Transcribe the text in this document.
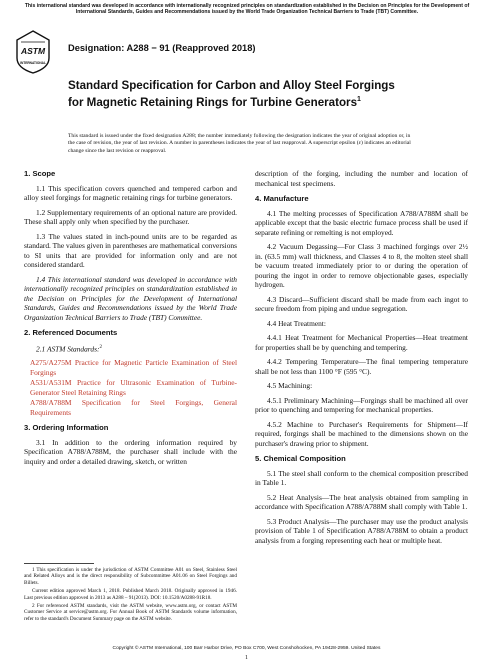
This international standard was developed in accordance with internationally recognized principles on standardization established in the Decision on Principles for the Development of International Standards, Guides and Recommendations issued by the World Trade Organization Technical Barriers to Trade (TBT) Committee.
ASTM
INTERNATIONAL
Designation: A288 − 91 (Reapproved 2018)
Standard Specification for Carbon and Alloy Steel Forgings for Magnetic Retaining Rings for Turbine Generators$^1$
This standard is issued under the fixed designation A288; the number immediately following the designation indicates the year of original adoption or, in the case of revision, the year of last revision. A number in parentheses indicates the year of last reapproval. A superscript epsilon (ε) indicates an editorial change since the last revision or reapproval.
1. Scope

1.1 This specification covers quenched and tempered carbon and alloy steel forgings for magnetic retaining rings for turbine generators.

1.2 Supplementary requirements of an optional nature are provided. These shall apply only when specified by the purchaser.

1.3 The values stated in inch-pound units are to be regarded as standard. The values given in parentheses are mathematical conversions to SI units that are provided for information only and are not considered standard.

1.4 This international standard was developed in accordance with internationally recognized principles on standardization established in the Decision on Principles for the Development of International Standards, Guides and Recommendations issued by the World Trade Organization Technical Barriers to Trade (TBT) Committee.

2. Referenced Documents

2.1 ASTM Standards:$^2$

A275/A275M Practice for Magnetic Particle Examination of Steel Forgings

A531/A531M Practice for Ultrasonic Examination of Turbine-Generator Steel Retaining Rings

A788/A788M Specification for Steel Forgings, General Requirements

3. Ordering Information

3.1 In addition to the ordering information required by Specification A788/A788M, the purchaser shall include with the inquiry and order a detailed drawing, sketch, or written

description of the forging, including the number and location of mechanical test specimens.

4. Manufacture

4.1 The melting processes of Specification A788/A788M shall be applicable except that the basic electric furnace process shall be used if separate refining or remelting is not employed.

4.2 Vacuum Degassing—For Class 3 machined forgings over 2½ in. (63.5 mm) wall thickness, and Classes 4 to 8, the molten steel shall be vacuum treated immediately prior to or during the operation of pouring the ingot in order to remove objectionable gases, especially hydrogen.

4.3 Discard—Sufficient discard shall be made from each ingot to secure freedom from piping and undue segregation.

4.4 Heat Treatment:

4.4.1 Heat Treatment for Mechanical Properties—Heat treatment for properties shall be by quenching and tempering.

4.4.2 Tempering Temperature—The final tempering temperature shall be not less than 1100 °F (595 °C).

4.5 Machining:

4.5.1 Preliminary Machining—Forgings shall be machined all over prior to quenching and tempering for mechanical properties.

4.5.2 Machine to Purchaser's Requirements for Shipment—If required, forgings shall be machined to the dimensions shown on the purchaser's drawing prior to shipment.

5. Chemical Composition

5.1 The steel shall conform to the chemical composition prescribed in Table 1.

5.2 Heat Analysis—The heat analysis obtained from sampling in accordance with Specification A788/A788M shall comply with Table 1.

5.3 Product Analysis—The purchaser may use the product analysis provision of Table 1 of Specification A788/A788M to obtain a product analysis from a forging representing each heat or multiple heat.

1 This specification is under the jurisdiction of ASTM Committee A01 on Steel, Stainless Steel and Related Alloys and is the direct responsibility of Subcommittee A01.06 on Steel Forgings and Billets.

Current edition approved March 1, 2018. Published March 2018. Originally approved in 1946. Last previous edition approved in 2013 as A288 – 91(2013). DOI: 10.1520/A0288-91R18.

2 For referenced ASTM standards, visit the ASTM website, www.astm.org, or contact ASTM Customer Service at service@astm.org. For Annual Book of ASTM Standards volume information, refer to the standard's Document Summary page on the ASTM website.

Copyright © ASTM International, 100 Barr Harbor Drive, PO Box C700, West Conshohocken, PA 19428-2959. United States
1
